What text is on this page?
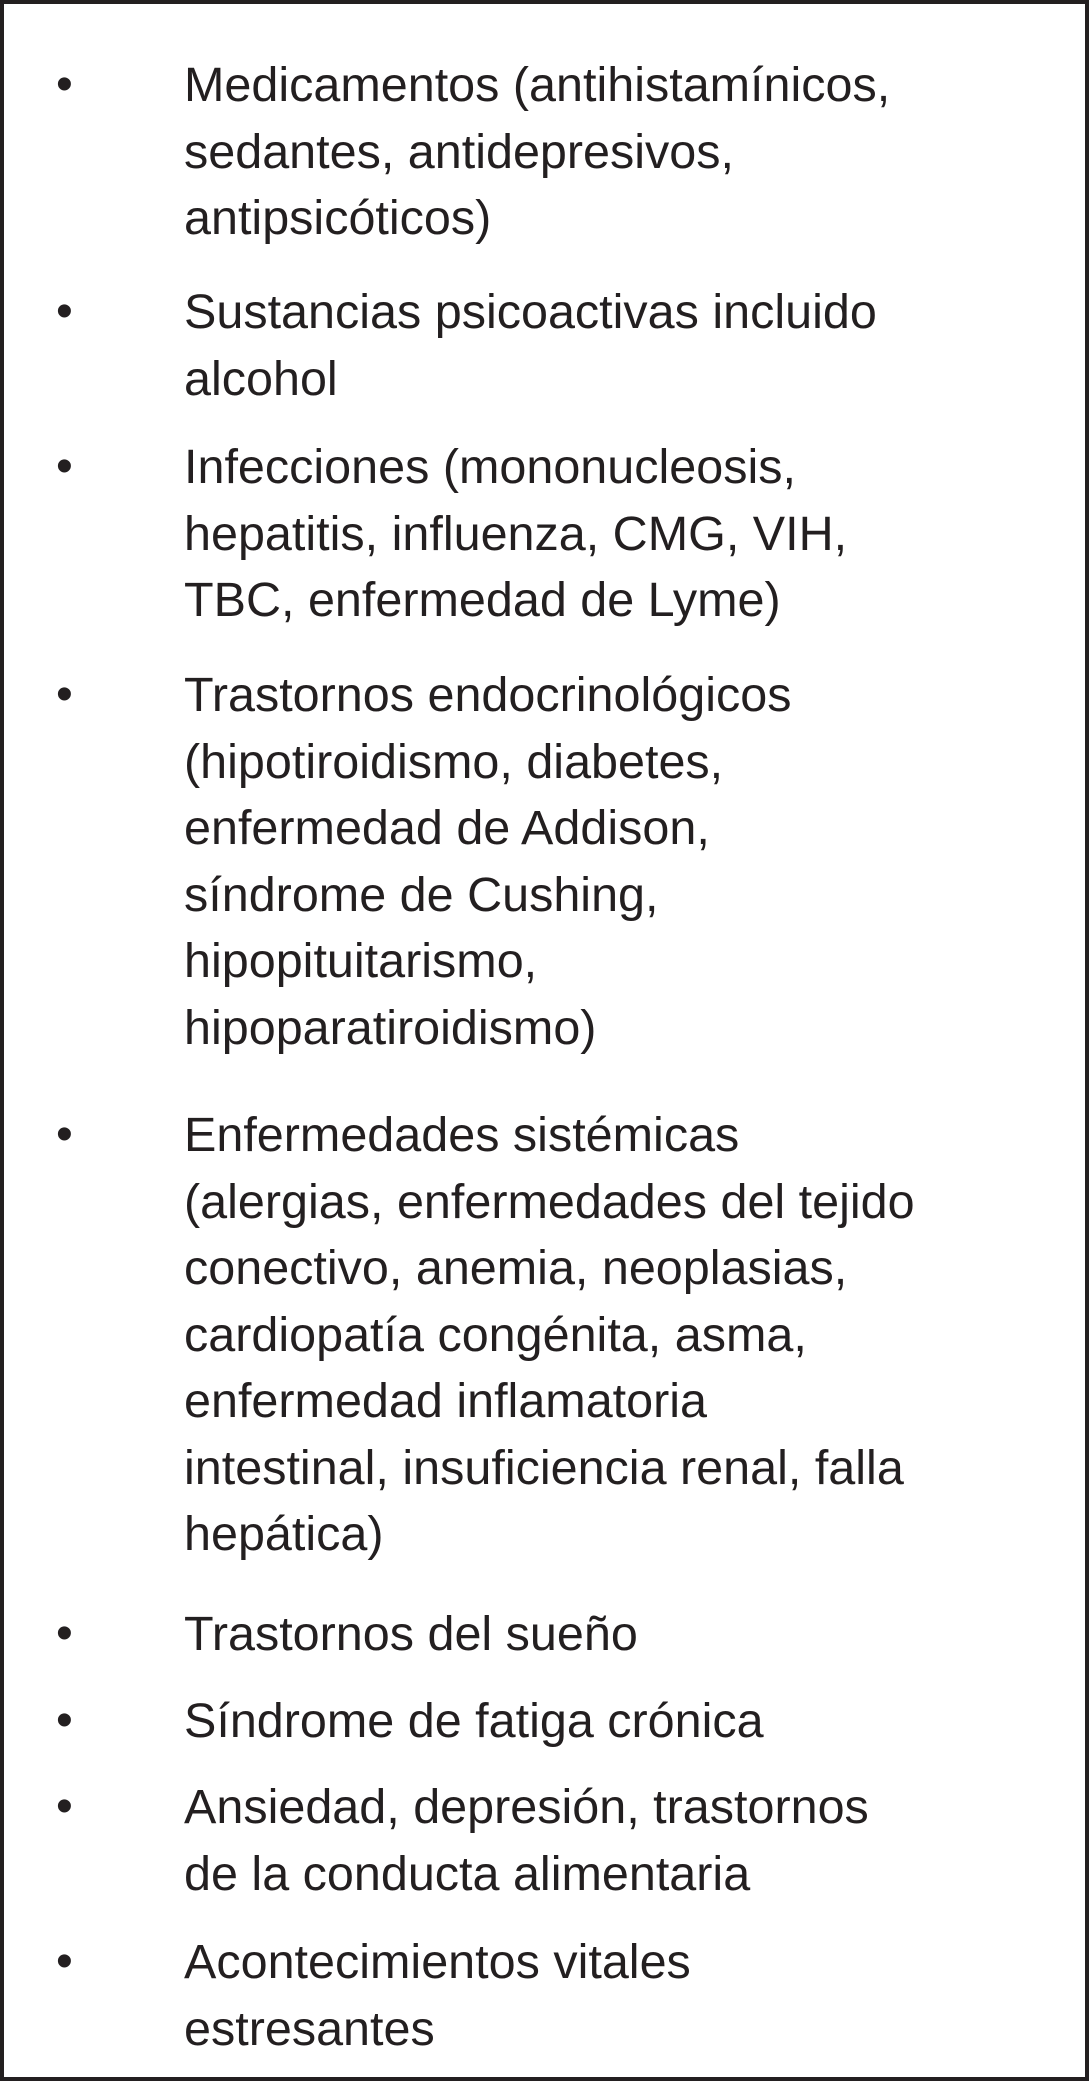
• Medicamentos (antihistamínicos,
sedantes, antidepresivos,
antipsicóticos)
• Sustancias psicoactivas incluido
alcohol
• Infecciones (mononucleosis,
hepatitis, influenza, CMG, VIH,
TBC, enfermedad de Lyme)
• Trastornos endocrinológicos
(hipotiroidismo, diabetes,
enfermedad de Addison,
síndrome de Cushing,
hipopituitarismo,
hipoparatiroidismo)
• Enfermedades sistémicas
(alergias, enfermedades del tejido
conectivo, anemia, neoplasias,
cardiopatía congénita, asma,
enfermedad inflamatoria
intestinal, insuficiencia renal, falla
hepática)
• Trastornos del sueño
• Síndrome de fatiga crónica
• Ansiedad, depresión, trastornos
de la conducta alimentaria
• Acontecimientos vitales
estresantes
